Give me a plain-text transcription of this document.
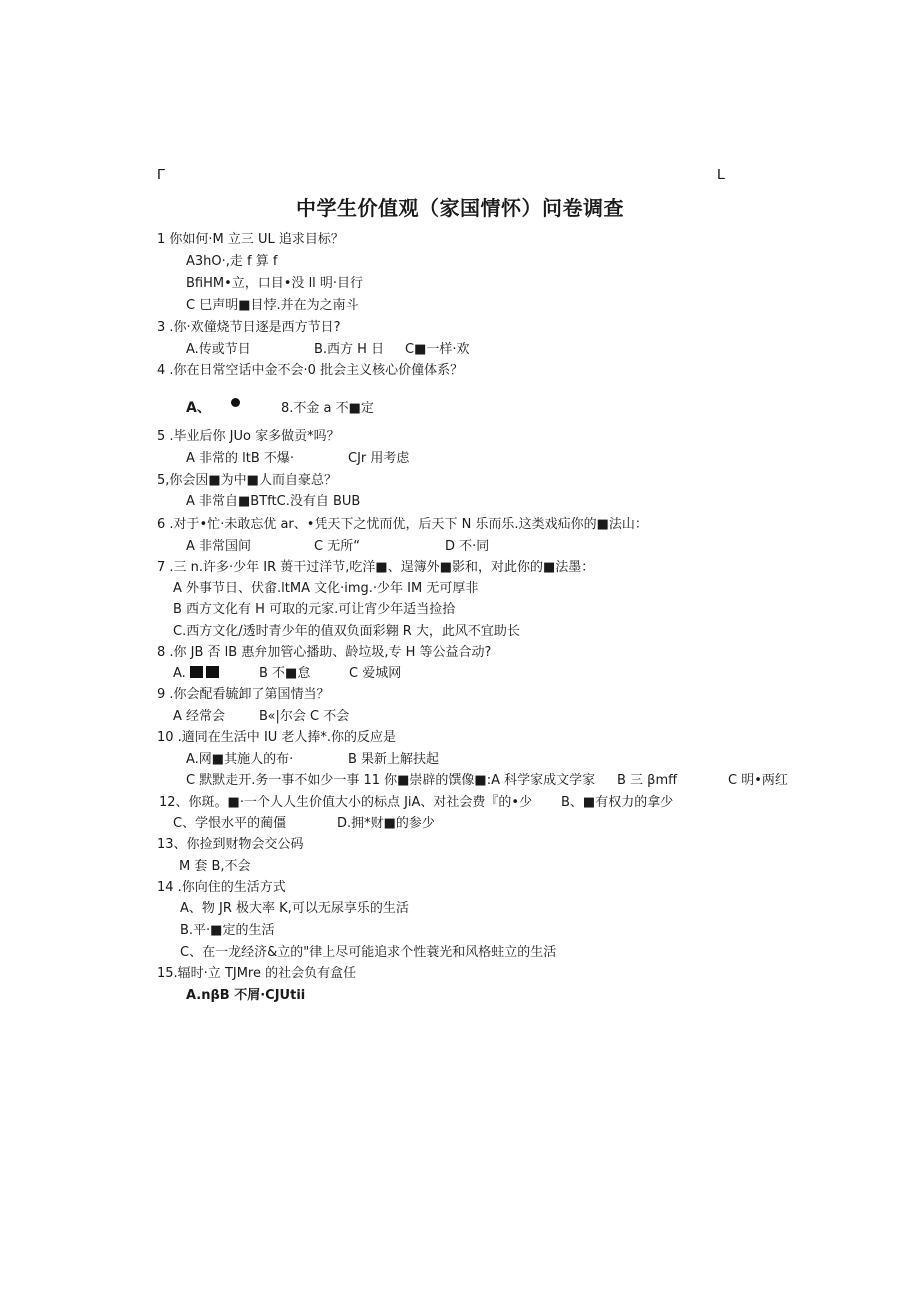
Γ	L
中学生价值观（家国情怀）问卷调查
1 你如何·M 立三 UL 追求目标？
A3hO·,走 f 算 f
BfiHM•立，口目•没 ll 明·目行
C 巳声明■目悖.并在为之南斗
3 .你·欢僮烧节日逐是西方节日?
A.传或节日	B.西方 H 日 C■一样·欢
4 .你在日常空话中金不会·0 批会主义核心价僮体系？
A、	8.不金 a 不■定
5 .毕业后你 JUo 家多做贡*吗？
A 非常的 ltB 不爆·	CJr 用考虑
5,你会因■为中■人而自豪总？
A 非常自■BTftC.没有自 BUB
6 .对于•忙·未敢忘优 ar、•凭天下之忧而优，后天下 N 乐而乐.这类戏疝你的■法山：
A 非常国间	C 无所“	D 不·同
7 .三 n.许多·少年 IR 蒉干过洋节,吃洋■、逞簿外■影和，对此你的■法墨：
A 外事节日、伏畲.ltMA 文化·img.·少年 IM 无可厚非
B 西方文化有 H 可取的元家.可让宵少年适当捡拾
C.西方文化/透时青少年的值双负面彩翱 R 大，此风不宜助长
8 .你 JB 否 lB 惠弁加管心播助、龄垃圾,专 H 等公益合动?
A.	B 不■怠	C 爱城网
9 .你会配看毓卸了第国情当？
A 经常会	B«|尔会 C 不会
10 .適同在生活中 IU 老人捧*.你的反应是
A.网■其施人的布·	B 果新上解扶起
C 默默走开.务一事不如少一事 11 你■崇辟的馔像■:A 科学家成文学家 B 三 βmff	C 明•两红
12、你斑。■·一个人人生价值大小的标点 JiA、对社会费『的•少 B、■有权力的拿少
C、学恨水平的蔺僵	D.拥*财■的参少
13、你捡到财物会交公码
M 套 B,不会
14 .你向住的生活方式
A、物 JR 极大率 K,可以无尿享乐的生活
B.平·■定的生活
C、在一龙经济&立的"律上尽可能追求个性蓑光和风格蛀立的生活
15.辐时·立 TJMre 的社会负有盒任
A.nβB 不屑·CJUtii
